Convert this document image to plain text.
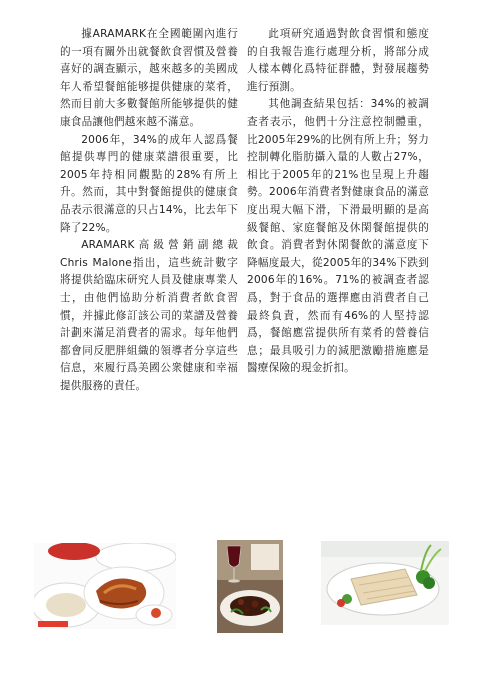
據ARAMARK在全國範圍內進行的一項有關外出就餐飲食習慣及營養喜好的調查顯示，越來越多的美國成年人希望餐館能够提供健康的菜肴，然而目前大多數餐館所能够提供的健康食品讓他們越來越不滿意。

2006年，34%的成年人認爲餐館提供專門的健康菜譜很重要，比2005年持相同觀點的28%有所上升。然而，其中對餐館提供的健康食品表示很滿意的只占14%，比去年下降了22%。

ARAMARK高級營銷副總裁Chris Malone指出，這些統計數字將提供給臨床研究人員及健康專業人士，由他們協助分析消費者飲食習慣，并據此修訂該公司的菜譜及營養計劃來滿足消費者的需求。每年他們都會同反肥胖組織的領導者分享這些信息，來履行爲美國公衆健康和幸福提供服務的責任。

此項研究通過對飲食習慣和態度的自我報告進行處理分析，將部分成人樣本轉化爲特征群體，對發展趨勢進行預測。

其他調查結果包括：34%的被調查者表示，他們十分注意控制體重，比2005年29%的比例有所上升；努力控制轉化脂肪攝入量的人數占27%，相比于2005年的21%也呈現上升趨勢。2006年消費者對健康食品的滿意度出現大幅下滑，下滑最明顯的是高級餐館、家庭餐館及休閑餐館提供的飲食。消費者對休閑餐飲的滿意度下降幅度最大，從2005年的34%下跌到2006年的16%。71%的被調查者認爲，對于食品的選擇應由消費者自己最終負責，然而有46%的人堅持認爲，餐館應當提供所有菜肴的營養信息；最具吸引力的減肥激勵措施應是醫療保險的現金折扣。
